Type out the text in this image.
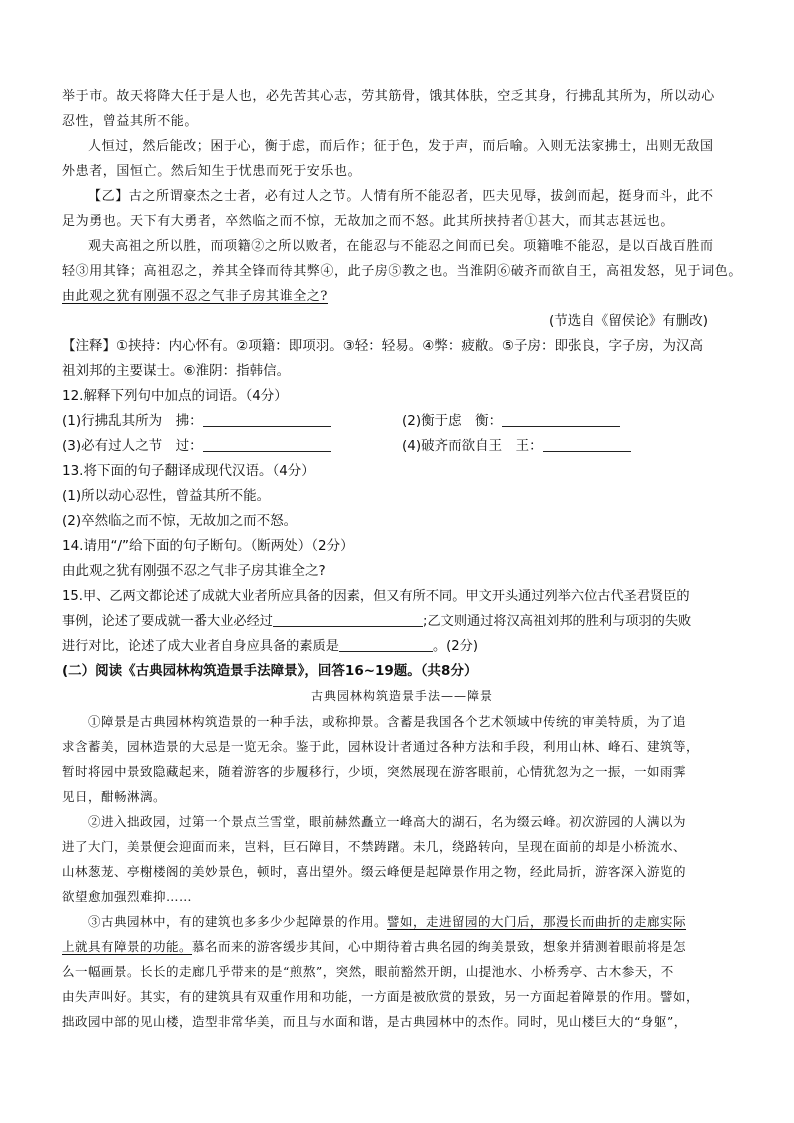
举于市。故天将降大任于是人也，必先苦其心志，劳其筋骨，饿其体肤，空乏其身，行拂乱其所为，所以动心
忍性，曾益其所不能。
人恒过，然后能改；困于心，衡于虑，而后作；征于色，发于声，而后喻。入则无法家拂士，出则无敌国
外患者，国恒亡。然后知生于忧患而死于安乐也。
【乙】古之所谓豪杰之士者，必有过人之节。人情有所不能忍者，匹夫见辱，拔剑而起，挺身而斗，此不
足为勇也。天下有大勇者，卒然临之而不惊，无故加之而不怒。此其所挟持者①甚大，而其志甚远也。
观夫高祖之所以胜，而项籍②之所以败者，在能忍与不能忍之间而已矣。项籍唯不能忍，是以百战百胜而
轻③用其锋；高祖忍之，养其全锋而待其弊④，此子房⑤教之也。当淮阴⑥破齐而欲自王，高祖发怒，见于词色。
由此观之犹有刚强不忍之气非子房其谁全之?
(节选自《留侯论》有删改)
【注释】①挟持：内心怀有。②项籍：即项羽。③轻：轻易。④弊：疲敝。⑤子房：即张良，字子房，为汉高
祖刘邦的主要谋士。⑥淮阴：指韩信。
12.解释下列句中加点的词语。（4分）
(1)行拂乱其所为　拂：	(2)衡于虑　衡：
(3)必有过人之节　过：	(4)破齐而欲自王　王：
13.将下面的句子翻译成现代汉语。（4分）
(1)所以动心忍性，曾益其所不能。
(2)卒然临之而不惊，无故加之而不怒。
14.请用“/”给下面的句子断句。（断两处）（2分）
由此观之犹有刚强不忍之气非子房其谁全之?
15.甲、乙两文都论述了成就大业者所应具备的因素，但又有所不同。甲文开头通过列举六位古代圣君贤臣的
事例，论述了要成就一番大业必经过	;乙文则通过将汉高祖刘邦的胜利与项羽的失败
进行对比，论述了成大业者自身应具备的素质是	。(2分)
(二）阅读《古典园林构筑造景手法障景》，回答16~19题。（共8分）
古典园林构筑造景手法——障景
①障景是古典园林构筑造景的一种手法，或称抑景。含蓄是我国各个艺术领域中传统的审美特质，为了追
求含蓄美，园林造景的大忌是一览无余。鉴于此，园林设计者通过各种方法和手段，利用山林、峰石、建筑等，
暂时将园中景致隐藏起来，随着游客的步履移行，少顷，突然展现在游客眼前，心情犹忽为之一振，一如雨霁
见日，酣畅淋漓。
②进入拙政园，过第一个景点兰雪堂，眼前赫然矗立一峰高大的湖石，名为缀云峰。初次游园的人满以为
进了大门，美景便会迎面而来，岂料，巨石障目，不禁踌躇。未几，绕路转向，呈现在面前的却是小桥流水、
山林葱茏、亭榭楼阁的美妙景色，顿时，喜出望外。缀云峰便是起障景作用之物，经此局折，游客深入游览的
欲望愈加强烈难抑……
③古典园林中，有的建筑也多多少少起障景的作用。譬如，走进留园的大门后，那漫长而曲折的走廊实际
上就具有障景的功能。慕名而来的游客缓步其间，心中期待着古典名园的绚美景致，想象并猜测着眼前将是怎
么一幅画景。长长的走廊几乎带来的是“煎熬”，突然，眼前豁然开朗，山提池水、小桥秀亭、古木参天，不
由失声叫好。其实，有的建筑具有双重作用和功能，一方面是被欣赏的景致，另一方面起着障景的作用。譬如，
拙政园中部的见山楼，造型非常华美，而且与水面和谐，是古典园林中的杰作。同时，见山楼巨大的“身躯”，
